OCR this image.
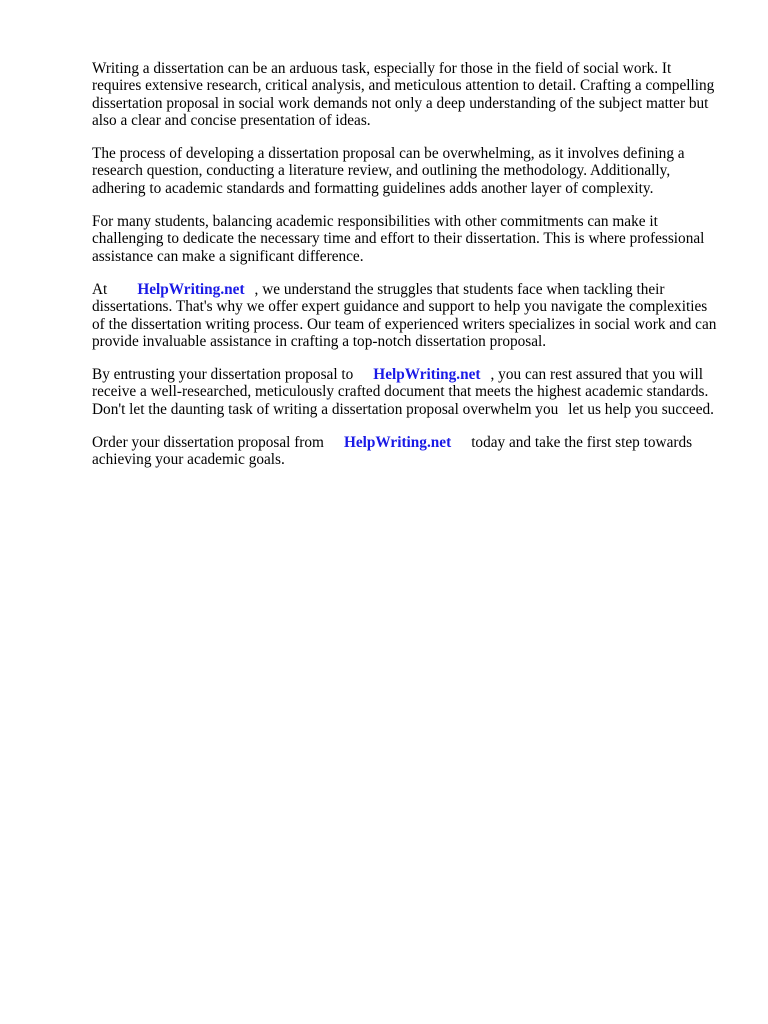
Writing a dissertation can be an arduous task, especially for those in the field of social work. It requires extensive research, critical analysis, and meticulous attention to detail. Crafting a compelling dissertation proposal in social work demands not only a deep understanding of the subject matter but also a clear and concise presentation of ideas.

The process of developing a dissertation proposal can be overwhelming, as it involves defining a research question, conducting a literature review, and outlining the methodology. Additionally, adhering to academic standards and formatting guidelines adds another layer of complexity.

For many students, balancing academic responsibilities with other commitments can make it challenging to dedicate the necessary time and effort to their dissertation. This is where professional assistance can make a significant difference.

At HelpWriting.net , we understand the struggles that students face when tackling their dissertations. That's why we offer expert guidance and support to help you navigate the complexities of the dissertation writing process. Our team of experienced writers specializes in social work and can provide invaluable assistance in crafting a top-notch dissertation proposal.

By entrusting your dissertation proposal to HelpWriting.net , you can rest assured that you will receive a well-researched, meticulously crafted document that meets the highest academic standards. Don't let the daunting task of writing a dissertation proposal overwhelm you let us help you succeed.

Order your dissertation proposal from HelpWriting.net today and take the first step towards achieving your academic goals.
